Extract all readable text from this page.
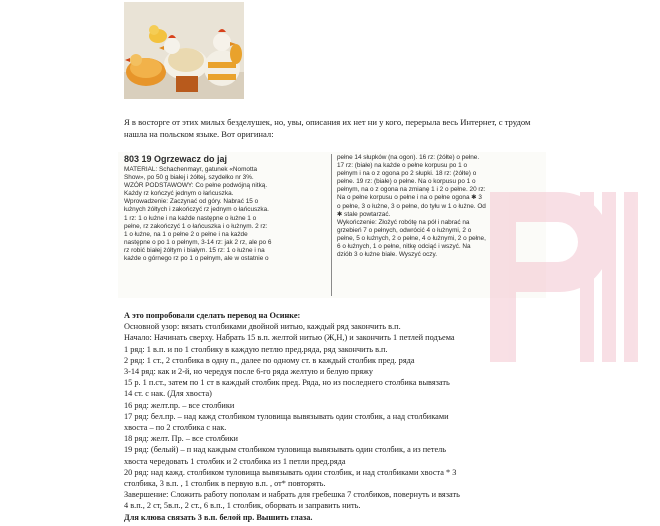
Я в восторге от этих милых безделушек, но, увы, описания их нет ни у кого, перерыла весь Интернет, с трудом нашла на польском языке. Вот оригинал:

803 19 Ogrzewacz do jaj

MATERIAL: Schachenmayr, gatunek «Nomotta

Show», po 50 g białej i żółtej, szydełko nr 3%.

WZÓR PODSTAWOWY: Co pełne podwójną nitką.

Każdy rz kończyć jednym o łańcuszka.

Wprowadzenie: Zaczynać od góry. Nabrać 15 o

łużnych żółtych i zakończyć rz jednym o łańcuszka.

1 rz: 1 o łużne i na każde następne o łużne 1 o

pełne, rz zakończyć 1 o łańcuszka i o łużnym. 2 rz:

1 o łużne, na 1 o pełne 2 o pełne i na każde

następne o po 1 o pełnym, 3-14 rz: jak 2 rz, ale po 6

rz robić białej żółtym i białym. 15 rz: 1 o łużne i na

każde o górnego rz po 1 o pełnym, ale w ostatnie o

pełne 14 słupków (na ogon). 16 rz: (żółte) o pełne.

17 rz: (białe) na każde o pełne korpusu po 1 o

pełnym i na o z ogona po 2 słupki. 18 rz: (żółte) o

pełne. 19 rz: (białe) o pełne. Na o korpusu po 1 o

pełnym, na o z ogona na zmianę 1 i 2 o pełne. 20 rz:

Na o pełne korpusu o pełne i na o pełne ogona ✱ 3

o pełne, 3 o łużne, 3 o pełne, do tyłu w 1 o łużne. Od

✱ stale powtarzać.

Wykończenie: Złożyć robótę na pół i nabrać na

grzebień 7 o pełnych, odwrócić 4 o łużnymi, 2 o

pełne, 5 o łużnych, 2 o pełne, 4 o łużnymi, 2 o pełne,

6 o łużnych, 1 o pełne, nitkę odciąć i wszyć. Na

dziób 3 o łużne białe. Wyszyć oczy.

А это попробовали сделать перевод на Осинке:

Основной узор: вязать столбиками двойной нитью, каждый ряд закончить в.п.

Начало: Начинать сверху. Набрать 15 в.п. желтой нитью (Ж,Н,) и закончить 1 петлей подъема

1 ряд: 1 в.п. и по 1 столбику в каждую петлю пред.ряда, ряд закончить в.п.

2 ряд: 1 ст., 2 столбика в одну п., далее по одному ст. в каждый столбик пред. ряда

3-14 ряд: как и 2-й, но чередуя после 6-го ряда желтую и белую пряжу

15 р. 1 п.ст., затем по 1 ст в каждый столбик пред. Ряда, но из последнего столбика вывязать

14 ст. с нак. (Для хвоста)

16 ряд: желт.пр. – все столбики

17 ряд: бел.пр. – над кажд столбиком туловища вывязывать один столбик, а над столбиками

хвоста – по 2 столбика с нак.

18 ряд: желт. Пр. – все столбики

19 ряд: (белый) – п над каждым столбиком туловища вывязывать один столбик, а из петель

хвоста чередовать 1 столбик и 2 столбика из 1 петли пред.ряда

20 ряд: над кажд. столбиком туловища вывязывать один столбик, и над столбиками хвоста * 3

столбика, 3 в.п. , 1 столбик в первую в.п. , от* повторять.

Завершение: Сложить работу пополам и набрать для гребешка 7 столбиков, повернуть и вязать

4 в.п., 2 ст, 5в.п., 2 ст., 6 в.п., 1 столбик, оборвать и заправить нить.

Для клюва связать 3 в.п. белой пр. Вышить глаза.
